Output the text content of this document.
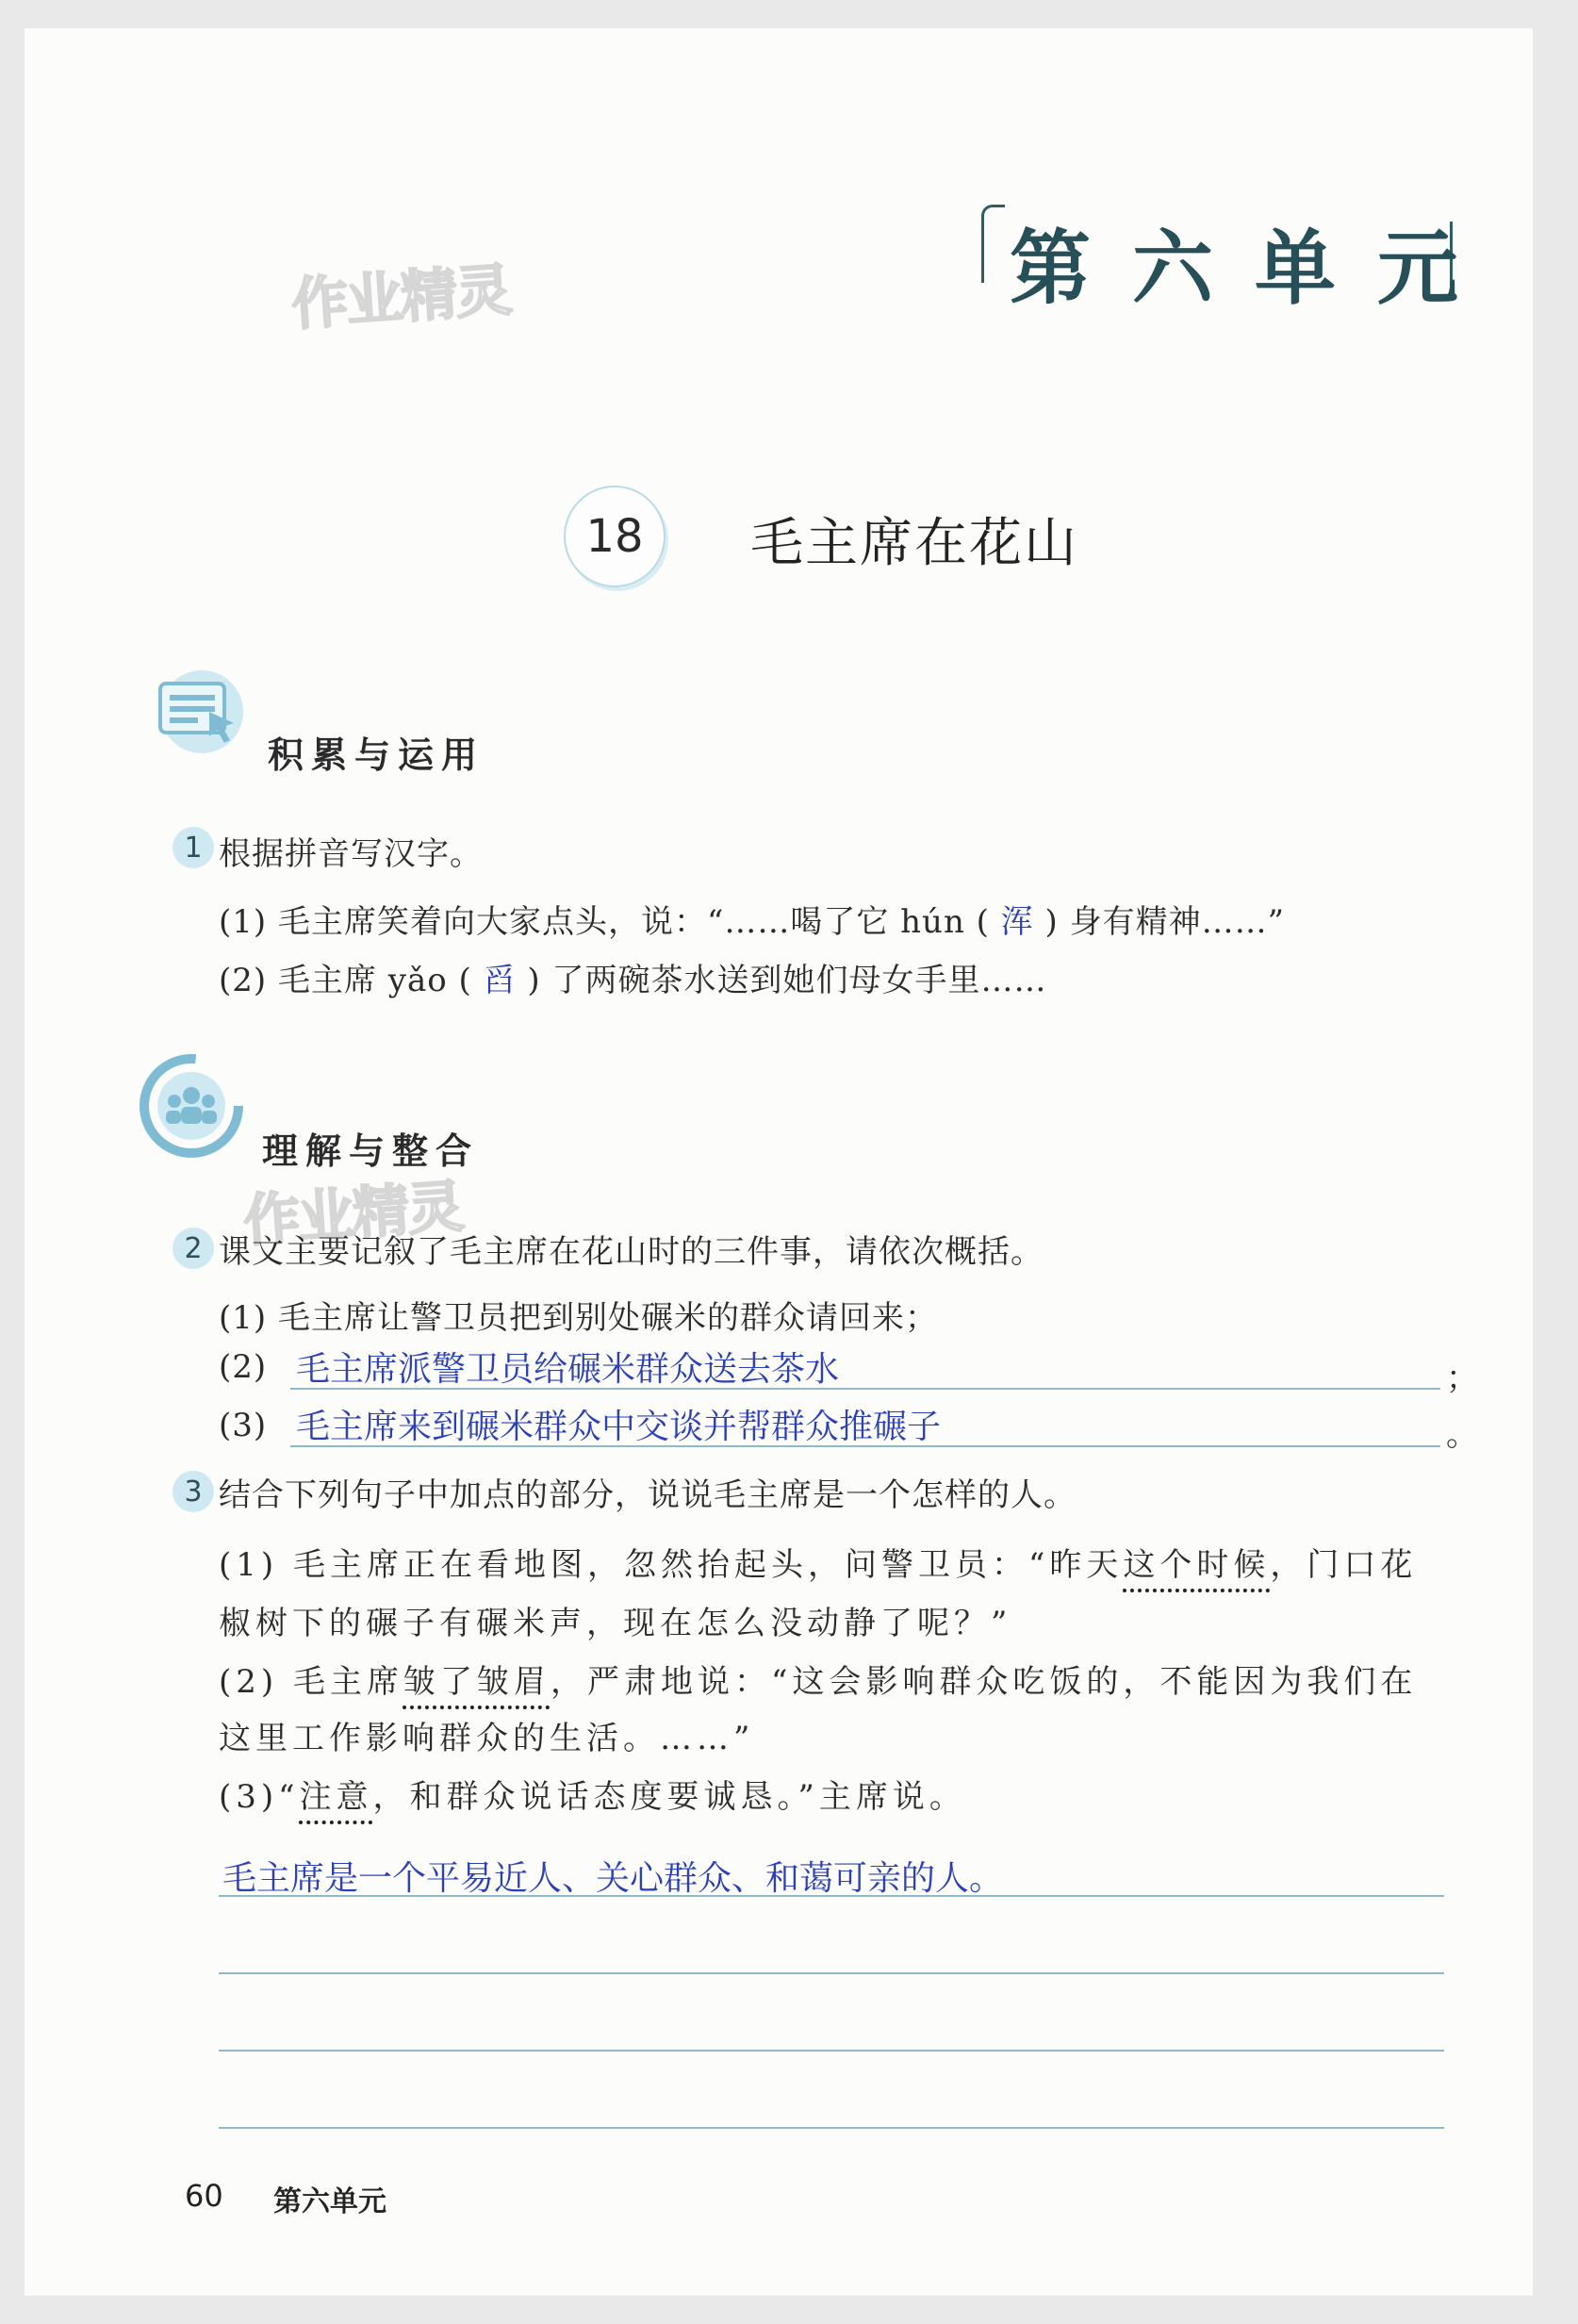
第六单元
作业精灵
作业精灵
18	毛主席在花山
积累与运用
1 根据拼音写汉字。
(1) 毛主席笑着向大家点头，说：“……喝了它 hún ( 浑 ) 身有精神……”
(2) 毛主席 yǎo ( 舀 ) 了两碗茶水送到她们母女手里……
理解与整合
2 课文主要记叙了毛主席在花山时的三件事，请依次概括。
(1) 毛主席让警卫员把到别处碾米的群众请回来；
(2) 毛主席派警卫员给碾米群众送去茶水	；
(3) 毛主席来到碾米群众中交谈并帮群众推碾子	。
3 结合下列句子中加点的部分，说说毛主席是一个怎样的人。
(1) 毛主席正在看地图，忽然抬起头，问警卫员：“昨天这个时候，门口花
椒树下的碾子有碾米声，现在怎么没动静了呢？”
(2) 毛主席皱了皱眉，严肃地说：“这会影响群众吃饭的，不能因为我们在
这里工作影响群众的生活。……”
(3)“注意，和群众说话态度要诚恳。”主席说。
毛主席是一个平易近人、关心群众、和蔼可亲的人。
60 第六单元
